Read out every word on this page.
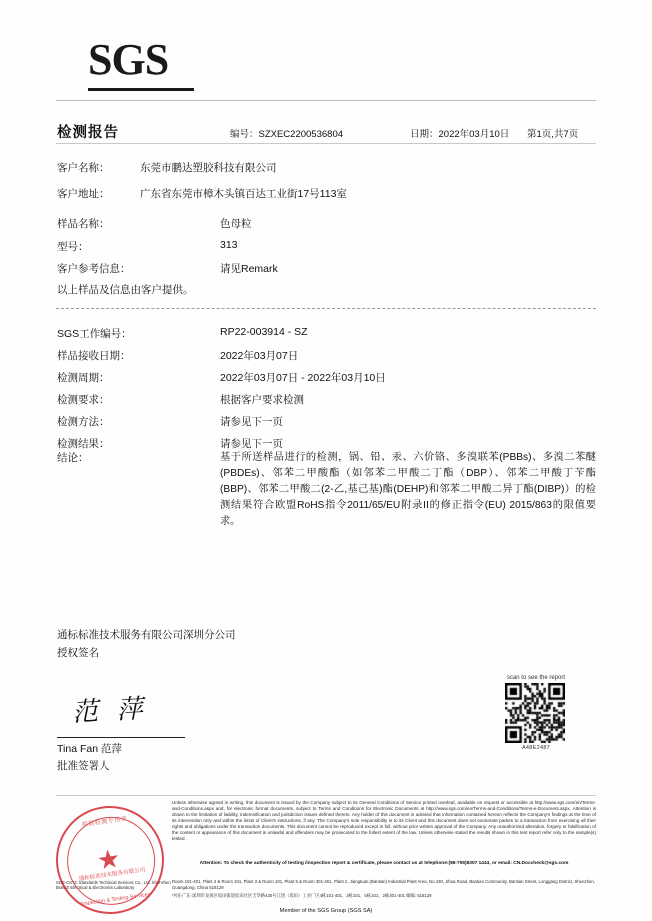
SGS
检测报告	编号：SZXEC2200536804	日期：2022年03月10日 第1页,共7页
客户名称：	东莞市鹏达塑胶科技有限公司
客户地址：	广东省东莞市樟木头镇百达工业街17号113室
样品名称：	色母粒
型号：	313
客户参考信息：	请见Remark
以上样品及信息由客户提供。
SGS工作编号：	RP22-003914 - SZ
样品接收日期：	2022年03月07日
检测周期：	2022年03月07日 - 2022年03月10日
检测要求：	根据客户要求检测
检测方法：	请参见下一页
检测结果：	请参见下一页
结论：	基于所送样品进行的检测，锅、铅、汞、六价铬、多溴联苯(PBBs)、多溴二苯醚(PBDEs)、邻苯二甲酸酯（如邻苯二甲酸二丁酯（DBP）、邻苯二甲酸丁苄酯(BBP)、邻苯二甲酸二(2-乙,基己基)酯(DEHP)和邻苯二甲酸二异丁酯(DIBP)）的检测结果符合欧盟RoHS指令2011/65/EU附录II的修正指令(EU) 2015/863的限值要求。
通标标准技术服务有限公司深圳分公司
授权签名
范 萍
Tina Fan 范萍
批准签署人
scan to see the report
A48E2487
Unless otherwise agreed in writing, this document is issued by the Company subject to its General Conditions of Service printed overleaf, available on request or accessible at http://www.sgs.com/en/Terms-and-Conditions.aspx and, for electronic format documents, subject to Terms and Conditions for Electronic Documents at http://www.sgs.com/en/Terms-and-Conditions/Terms-e-Document.aspx. Attention is drawn to the limitation of liability, indemnification and jurisdiction issues defined therein. Any holder of this document is advised that information contained hereon reflects the Company's findings at the time of its intervention only and within the limits of Client's instructions, if any. The Company's sole responsibility is to its Client and this document does not exonerate parties to a transaction from exercising all their rights and obligations under the transaction documents. This document cannot be reproduced except in full, without prior written approval of the Company. Any unauthorized alteration, forgery or falsification of the content or appearance of this document is unlawful and offenders may be prosecuted to the fullest extent of the law. Unless otherwise stated the results shown in this test report refer only to the sample(s) tested .
Attention: To check the authenticity of testing /inspection report & certificate, please contact us at telephone:(86-755)8307 1443, or email: CN.Doccheck@sgs.com
Room 101-401, Plant 4 & Room 101, Plant 3 & Room 101, Plant 5 & Room 301-401, Plant 2, Jiangtuan (Bantian) Industrial Plant Area, No.430, Jihua Road, Bantian Community, Bantian Street, Longgang District, Shenzhen, Guangdong, China 518129
中国·广东·深圳市龙岗区坂田街道坂田社区吉华路430号江团（坂田）工业厂区4栋101-401、3栋101、5栋101、2栋301-401 邮编: 518129
SGS-CSTC Standards Technical Services Co., Ltd. Shenzhen Branch Electrical & Electronics Laboratory
Member of the SGS Group (SGS SA)
检验检测专用章
★
通标标准技术服务有限公司
Inspection & Testing Services
